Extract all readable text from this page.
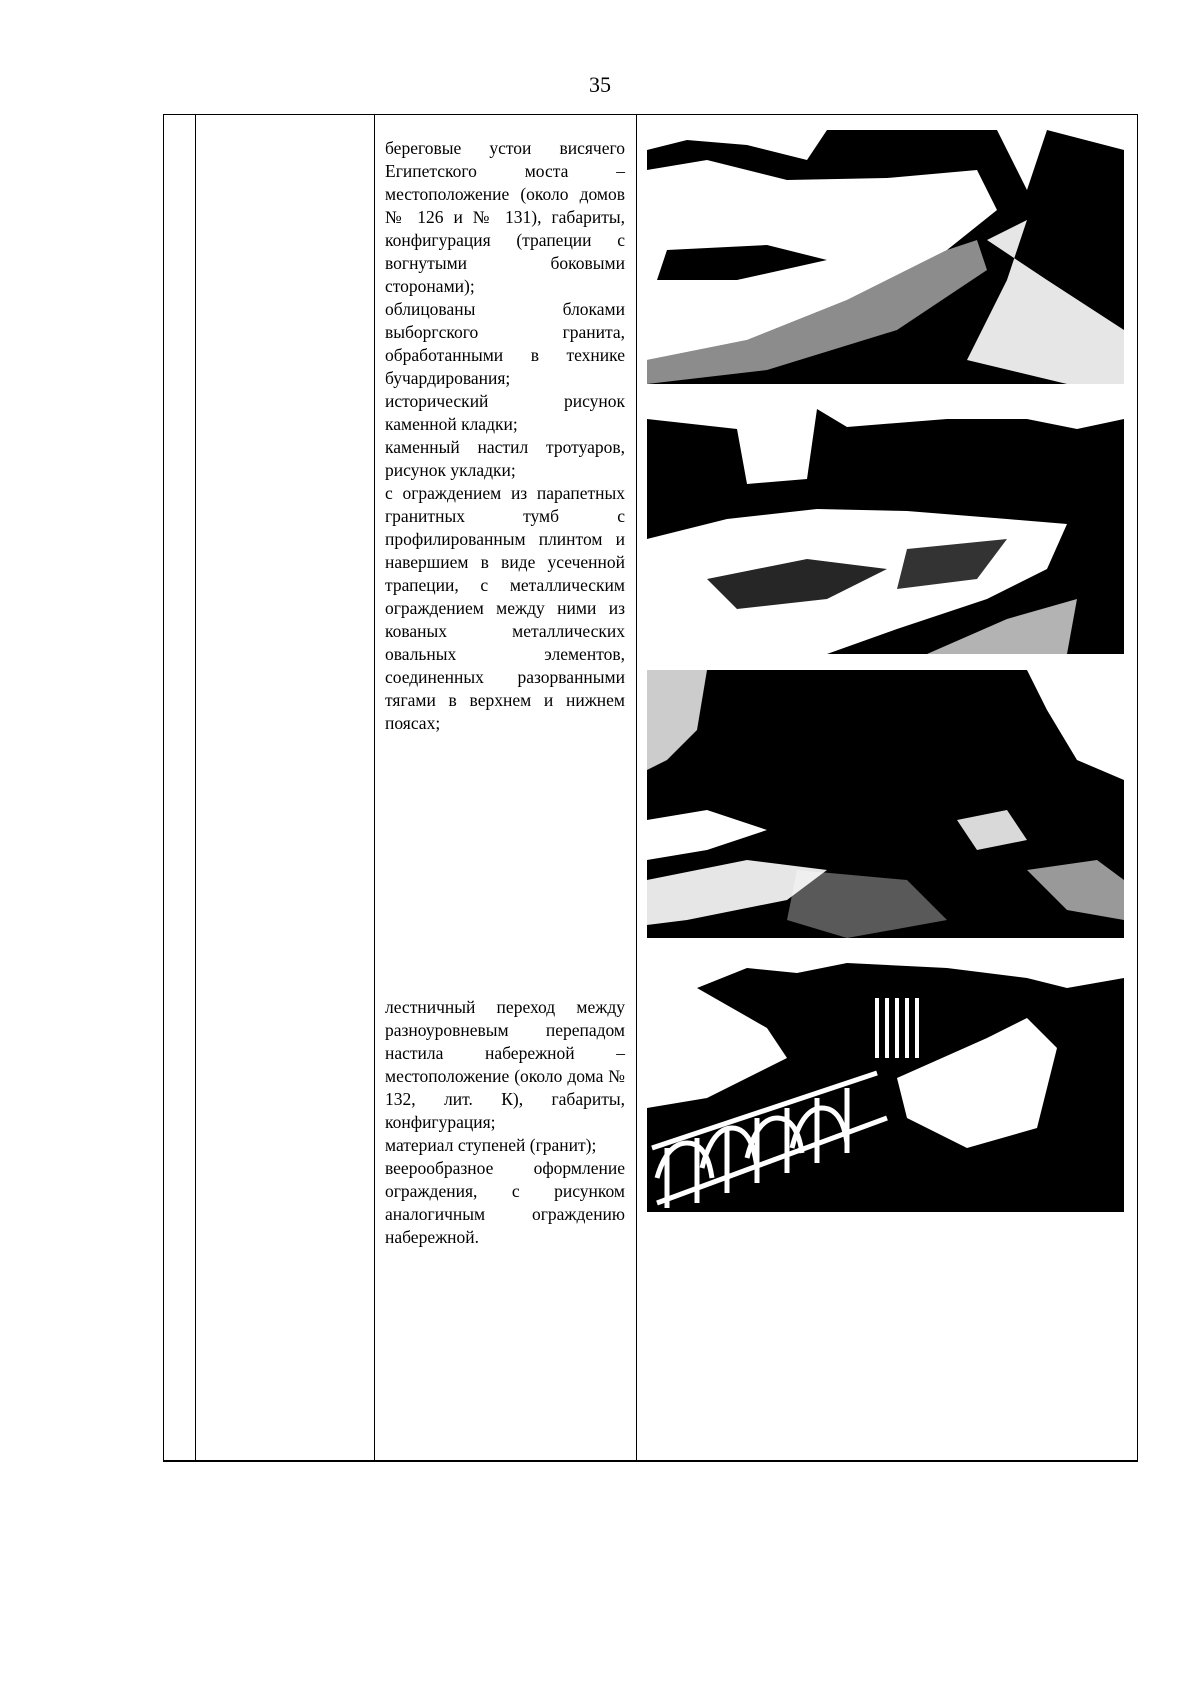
35

береговые устои висячего Египетского моста – местоположение (около домов № 126 и № 131), габариты, конфигурация (трапеции с вогнутыми боковыми сторонами);

облицованы блоками выборгского гранита, обработанными в технике бучардирования;

исторический рисунок каменной кладки;

каменный настил тротуаров, рисунок укладки;

с ограждением из парапетных гранитных тумб с профилированным плинтом и навершием в виде усеченной трапеции, с металлическим ограждением между ними из кованых металлических овальных элементов, соединенных разорванными тягами в верхнем и нижнем поясах;

лестничный переход между разноуровневым перепадом настила набережной – местоположение (около дома № 132, лит. К), габариты, конфигурация;

материал ступеней (гранит);

веерообразное оформление ограждения, с рисунком аналогичным ограждению набережной.
